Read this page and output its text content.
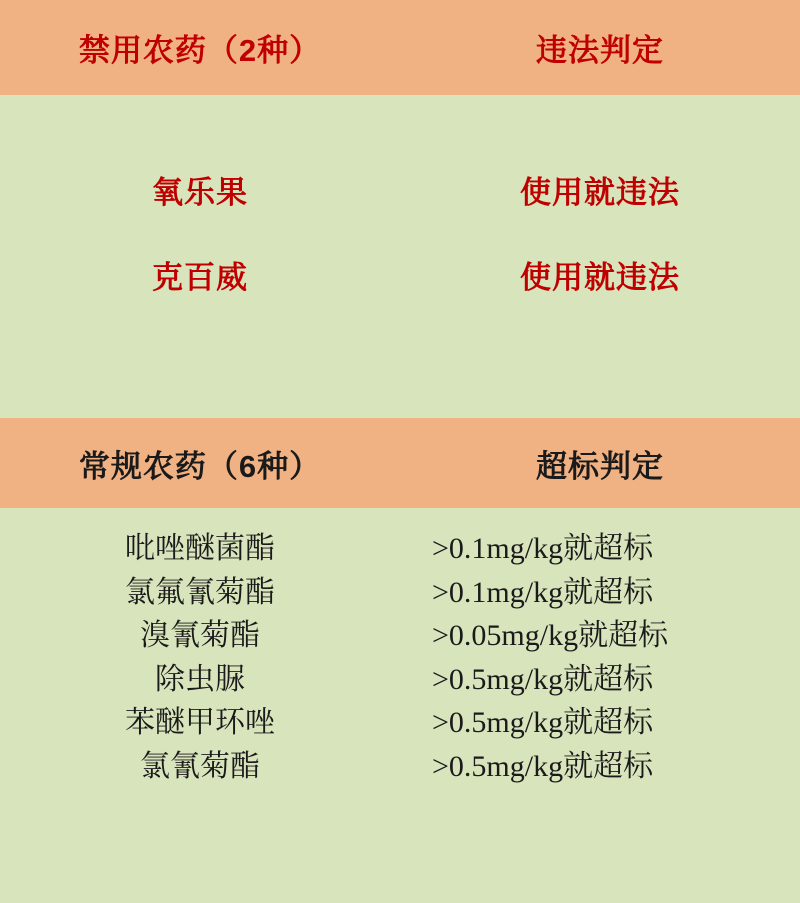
禁用农药（2种）	违法判定
氧乐果	使用就违法
克百威	使用就违法
常规农药（6种）	超标判定
吡唑醚菌酯	>0.1mg/kg就超标
氯氟氰菊酯	>0.1mg/kg就超标
溴氰菊酯	>0.05mg/kg就超标
除虫脲	>0.5mg/kg就超标
苯醚甲环唑	>0.5mg/kg就超标
氯氰菊酯	>0.5mg/kg就超标
